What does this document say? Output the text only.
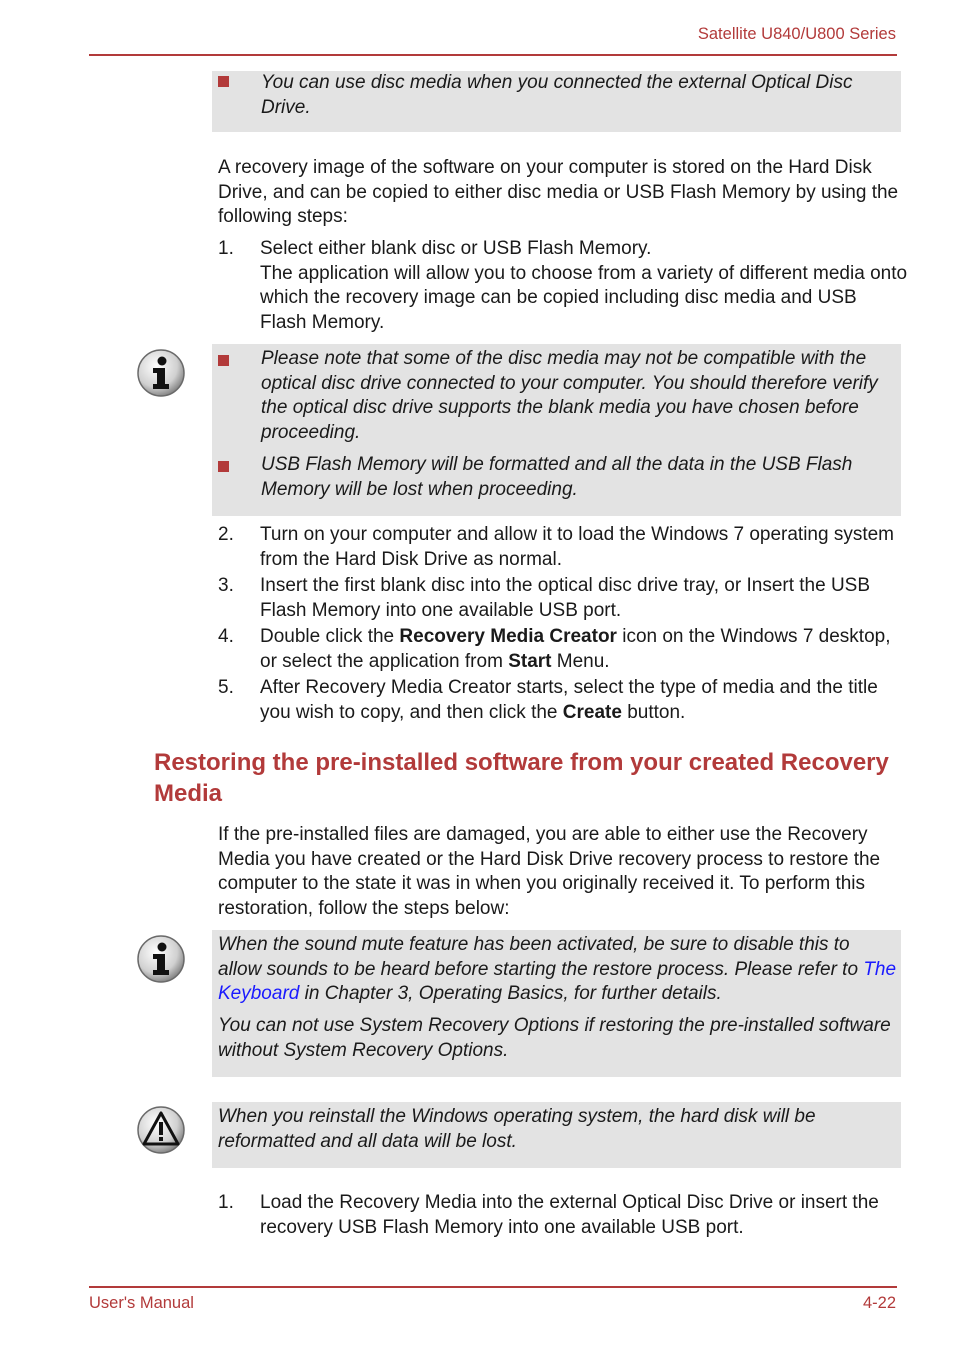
Satellite U840/U800 Series
You can use disc media when you connected the external Optical Disc Drive.
A recovery image of the software on your computer is stored on the Hard Disk Drive, and can be copied to either disc media or USB Flash Memory by using the following steps:
1. Select either blank disc or USB Flash Memory.
The application will allow you to choose from a variety of different media onto which the recovery image can be copied including disc media and USB Flash Memory.
Please note that some of the disc media may not be compatible with the optical disc drive connected to your computer. You should therefore verify the optical disc drive supports the blank media you have chosen before proceeding.
USB Flash Memory will be formatted and all the data in the USB Flash Memory will be lost when proceeding.
2. Turn on your computer and allow it to load the Windows 7 operating system from the Hard Disk Drive as normal.
3. Insert the first blank disc into the optical disc drive tray, or Insert the USB Flash Memory into one available USB port.
4. Double click the Recovery Media Creator icon on the Windows 7 desktop, or select the application from Start Menu.
5. After Recovery Media Creator starts, select the type of media and the title you wish to copy, and then click the Create button.
Restoring the pre-installed software from your created Recovery Media
If the pre-installed files are damaged, you are able to either use the Recovery Media you have created or the Hard Disk Drive recovery process to restore the computer to the state it was in when you originally received it. To perform this restoration, follow the steps below:
When the sound mute feature has been activated, be sure to disable this to allow sounds to be heard before starting the restore process. Please refer to The Keyboard in Chapter 3, Operating Basics, for further details.
You can not use System Recovery Options if restoring the pre-installed software without System Recovery Options.
When you reinstall the Windows operating system, the hard disk will be reformatted and all data will be lost.
1. Load the Recovery Media into the external Optical Disc Drive or insert the recovery USB Flash Memory into one available USB port.
User's Manual	4-22
